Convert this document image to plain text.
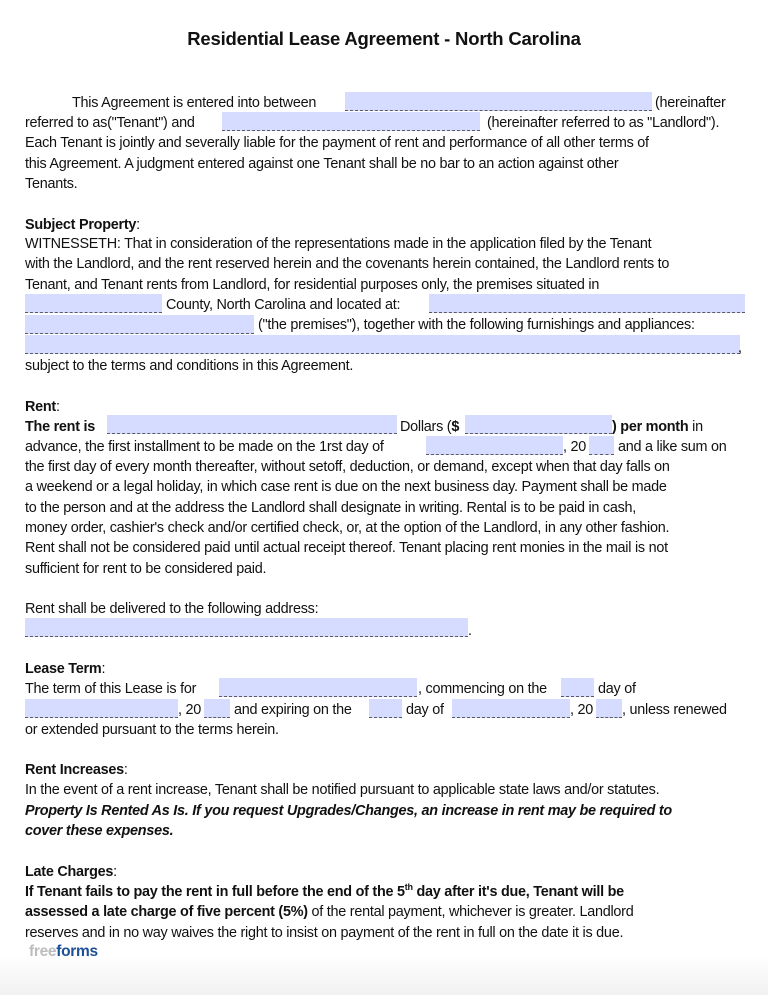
Residential Lease Agreement - North Carolina
This Agreement is entered into between	(hereinafter
referred to as("Tenant") and	(hereinafter referred to as "Landlord").
Each Tenant is jointly and severally liable for the payment of rent and performance of all other terms of
this Agreement. A judgment entered against one Tenant shall be no bar to an action against other
Tenants.
Subject Property:
WITNESSETH: That in consideration of the representations made in the application filed by the Tenant
with the Landlord, and the rent reserved herein and the covenants herein contained, the Landlord rents to
Tenant, and Tenant rents from Landlord, for residential purposes only, the premises situated in
County, North Carolina and located at:
("the premises"), together with the following furnishings and appliances:
,
subject to the terms and conditions in this Agreement.
Rent:
The rent is	Dollars ($	) per month in
advance, the first installment to be made on the 1rst day of	, 20 and a like sum on
the first day of every month thereafter, without setoff, deduction, or demand, except when that day falls on
a weekend or a legal holiday, in which case rent is due on the next business day. Payment shall be made
to the person and at the address the Landlord shall designate in writing. Rental is to be paid in cash,
money order, cashier's check and/or certified check, or, at the option of the Landlord, in any other fashion.
Rent shall not be considered paid until actual receipt thereof. Tenant placing rent monies in the mail is not
sufficient for rent to be considered paid.
Rent shall be delivered to the following address:
.
Lease Term:
The term of this Lease is for	, commencing on the	day of
, 20 and expiring on the	day of	, 20 , unless renewed
or extended pursuant to the terms herein.
Rent Increases:
In the event of a rent increase, Tenant shall be notified pursuant to applicable state laws and/or statutes.
Property Is Rented As Is. If you request Upgrades/Changes, an increase in rent may be required to
cover these expenses.
Late Charges:
If Tenant fails to pay the rent in full before the end of the 5th day after it's due, Tenant will be
assessed a late charge of five percent (5%) of the rental payment, whichever is greater. Landlord
reserves and in no way waives the right to insist on payment of the rent in full on the date it is due.
freeforms
